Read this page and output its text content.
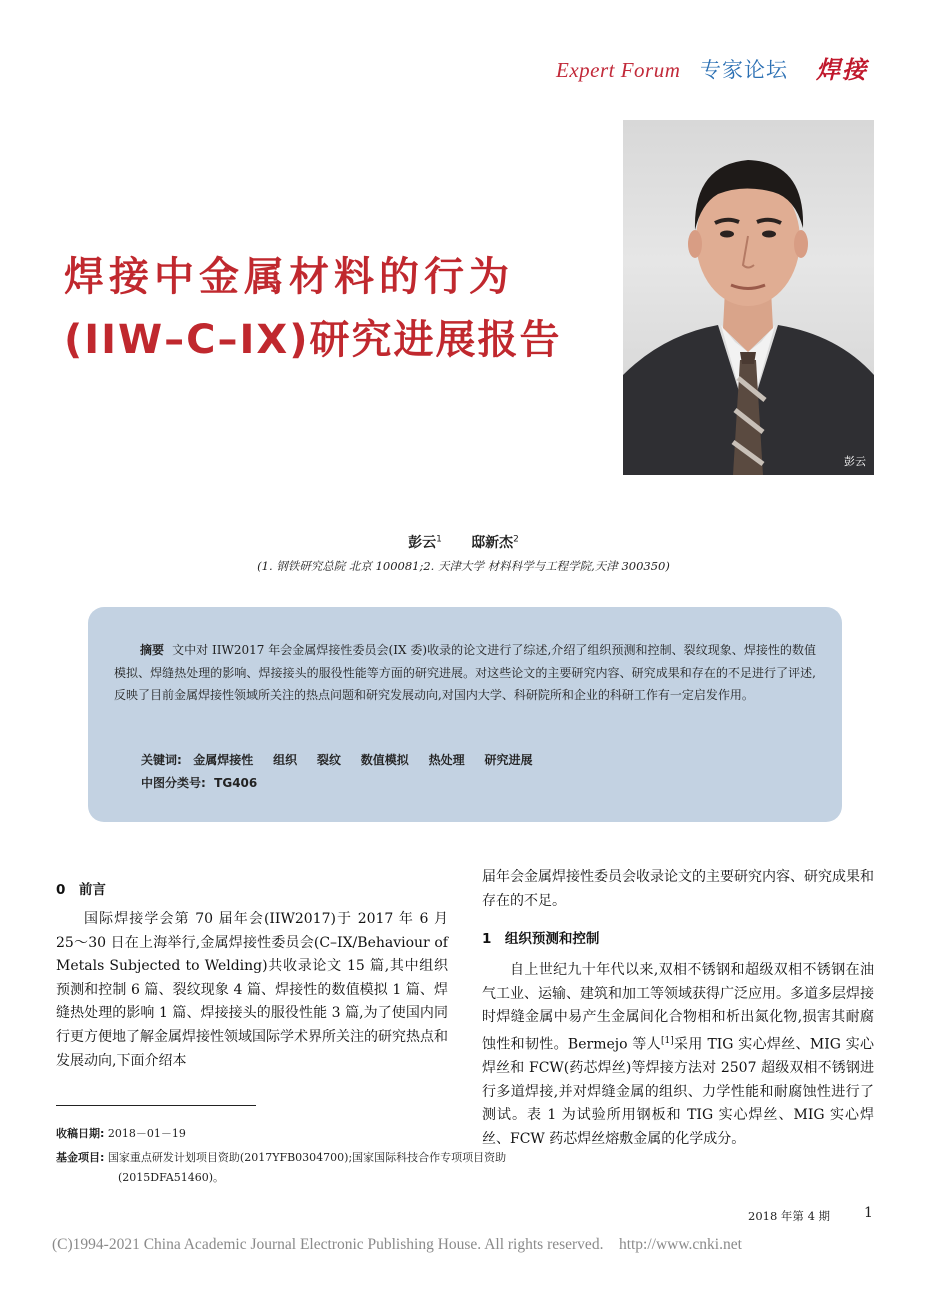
Expert Forum 专家论坛 焊接
焊接中金属材料的行为
(IIW–C–IX)研究进展报告
彭云
彭云$^1$ 邸新杰$^2$
(1. 钢铁研究总院 北京 100081;2. 天津大学 材料科学与工程学院,天津 300350)
摘要 文中对 IIW2017 年会金属焊接性委员会(IX 委)收录的论文进行了综述,介绍了组织预测和控制、裂纹现象、焊接性的数值模拟、焊缝热处理的影响、焊接接头的服役性能等方面的研究进展。对这些论文的主要研究内容、研究成果和存在的不足进行了评述,反映了目前金属焊接性领域所关注的热点问题和研究发展动向,对国内大学、科研院所和企业的科研工作有一定启发作用。
关键词: 金属焊接性 组织 裂纹 数值模拟 热处理 研究进展
中图分类号: TG406
0　前言

国际焊接学会第 70 届年会(IIW2017)于 2017 年 6 月 25～30 日在上海举行,金属焊接性委员会(C–IX/Behaviour of Metals Subjected to Welding)共收录论文 15 篇,其中组织预测和控制 6 篇、裂纹现象 4 篇、焊接性的数值模拟 1 篇、焊缝热处理的影响 1 篇、焊接接头的服役性能 3 篇,为了使国内同行更方便地了解金属焊接性领域国际学术界所关注的研究热点和发展动向,下面介绍本

收稿日期: 2018－01－19
基金项目: 国家重点研发计划项目资助(2017YFB0304700);国家国际科技合作专项项目资助(2015DFA51460)。

届年会金属焊接性委员会收录论文的主要研究内容、研究成果和存在的不足。

1　组织预测和控制

自上世纪九十年代以来,双相不锈钢和超级双相不锈钢在油气工业、运输、建筑和加工等领域获得广泛应用。多道多层焊接时焊缝金属中易产生金属间化合物相和析出氮化物,损害其耐腐蚀性和韧性。Bermejo 等人[1]采用 TIG 实心焊丝、MIG 实心焊丝和 FCW(药芯焊丝)等焊接方法对 2507 超级双相不锈钢进行多道焊接,并对焊缝金属的组织、力学性能和耐腐蚀性进行了测试。表 1 为试验所用钢板和 TIG 实心焊丝、MIG 实心焊丝、FCW 药芯焊丝熔敷金属的化学成分。

2018 年第 4 期 1
(C)1994-2021 China Academic Journal Electronic Publishing House. All rights reserved.　http://www.cnki.net
